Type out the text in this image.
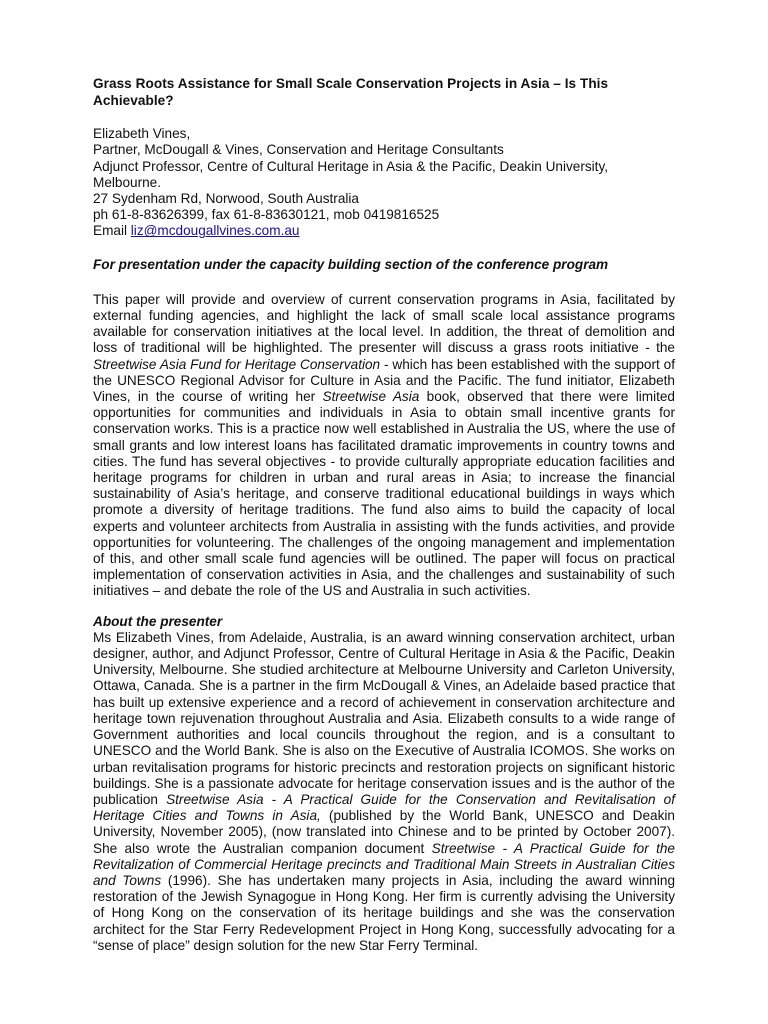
Grass Roots Assistance for Small Scale Conservation Projects in Asia – Is This Achievable?
Elizabeth Vines,
Partner, McDougall & Vines, Conservation and Heritage Consultants
Adjunct Professor, Centre of Cultural Heritage in Asia & the Pacific, Deakin University,
Melbourne.
27 Sydenham Rd, Norwood, South Australia
ph 61-8-83626399, fax 61-8-83630121, mob 0419816525
Email liz@mcdougallvines.com.au

For presentation under the capacity building section of the conference program

This paper will provide and overview of current conservation programs in Asia, facilitated by external funding agencies, and highlight the lack of small scale local assistance programs available for conservation initiatives at the local level. In addition, the threat of demolition and loss of traditional will be highlighted. The presenter will discuss a grass roots initiative - the Streetwise Asia Fund for Heritage Conservation - which has been established with the support of the UNESCO Regional Advisor for Culture in Asia and the Pacific. The fund initiator, Elizabeth Vines, in the course of writing her Streetwise Asia book, observed that there were limited opportunities for communities and individuals in Asia to obtain small incentive grants for conservation works. This is a practice now well established in Australia the US, where the use of small grants and low interest loans has facilitated dramatic improvements in country towns and cities. The fund has several objectives - to provide culturally appropriate education facilities and heritage programs for children in urban and rural areas in Asia; to increase the financial sustainability of Asia’s heritage, and conserve traditional educational buildings in ways which promote a diversity of heritage traditions. The fund also aims to build the capacity of local experts and volunteer architects from Australia in assisting with the funds activities, and provide opportunities for volunteering. The challenges of the ongoing management and implementation of this, and other small scale fund agencies will be outlined. The paper will focus on practical implementation of conservation activities in Asia, and the challenges and sustainability of such initiatives – and debate the role of the US and Australia in such activities.

About the presenter

Ms Elizabeth Vines, from Adelaide, Australia, is an award winning conservation architect, urban designer, author, and Adjunct Professor, Centre of Cultural Heritage in Asia & the Pacific, Deakin University, Melbourne. She studied architecture at Melbourne University and Carleton University, Ottawa, Canada. She is a partner in the firm McDougall & Vines, an Adelaide based practice that has built up extensive experience and a record of achievement in conservation architecture and heritage town rejuvenation throughout Australia and Asia. Elizabeth consults to a wide range of Government authorities and local councils throughout the region, and is a consultant to UNESCO and the World Bank. She is also on the Executive of Australia ICOMOS. She works on urban revitalisation programs for historic precincts and restoration projects on significant historic buildings. She is a passionate advocate for heritage conservation issues and is the author of the publication Streetwise Asia - A Practical Guide for the Conservation and Revitalisation of Heritage Cities and Towns in Asia, (published by the World Bank, UNESCO and Deakin University, November 2005), (now translated into Chinese and to be printed by October 2007). She also wrote the Australian companion document Streetwise - A Practical Guide for the Revitalization of Commercial Heritage precincts and Traditional Main Streets in Australian Cities and Towns (1996). She has undertaken many projects in Asia, including the award winning restoration of the Jewish Synagogue in Hong Kong. Her firm is currently advising the University of Hong Kong on the conservation of its heritage buildings and she was the conservation architect for the Star Ferry Redevelopment Project in Hong Kong, successfully advocating for a “sense of place” design solution for the new Star Ferry Terminal.
